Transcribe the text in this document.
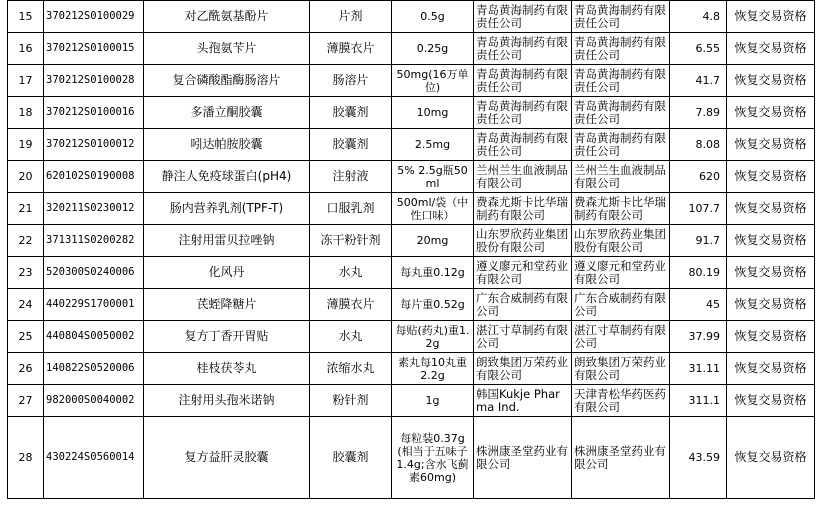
15	370212S0100029	对乙酰氨基酚片	片剂	0.5g	青岛黄海制药有限责任公司	青岛黄海制药有限责任公司	4.8	恢复交易资格
16	370212S0100015	头孢氨苄片	薄膜衣片	0.25g	青岛黄海制药有限责任公司	青岛黄海制药有限责任公司	6.55	恢复交易资格
17	370212S0100028	复合磷酸酯酶肠溶片	肠溶片	50mg(16万单位)	青岛黄海制药有限责任公司	青岛黄海制药有限责任公司	41.7	恢复交易资格
18	370212S0100016	多潘立酮胶囊	胶囊剂	10mg	青岛黄海制药有限责任公司	青岛黄海制药有限责任公司	7.89	恢复交易资格
19	370212S0100012	吲达帕胺胶囊	胶囊剂	2.5mg	青岛黄海制药有限责任公司	青岛黄海制药有限责任公司	8.08	恢复交易资格
20	620102S0190008	静注人免疫球蛋白(pH4)	注射液	5% 2.5g瓶50ml	兰州兰生血液制品有限公司	兰州兰生血液制品有限公司	620	恢复交易资格
21	320211S0230012	肠内营养乳剂(TPF-T)	口服乳剂	500ml/袋（中性口味）	费森尤斯卡比华瑞制药有限公司	费森尤斯卡比华瑞制药有限公司	107.7	恢复交易资格
22	371311S0200282	注射用雷贝拉唑钠	冻干粉针剂	20mg	山东罗欣药业集团股份有限公司	山东罗欣药业集团股份有限公司	91.7	恢复交易资格
23	520300S0240006	化风丹	水丸	每丸重0.12g	遵义廖元和堂药业有限公司	遵义廖元和堂药业有限公司	80.19	恢复交易资格
24	440229S1700001	芪蛭降糖片	薄膜衣片	每片重0.52g	广东合威制药有限公司	广东合威制药有限公司	45	恢复交易资格
25	440804S0050002	复方丁香开胃贴	水丸	每贴(药丸)重1.2g	湛江寸草制药有限公司	湛江寸草制药有限公司	37.99	恢复交易资格
26	140822S0520006	桂枝茯苓丸	浓缩水丸	素丸每10丸重2.2g	朗致集团万荣药业有限公司	朗致集团万荣药业有限公司	31.11	恢复交易资格
27	982000S0040002	注射用头孢米诺钠	粉针剂	1g	韩国Kukje Pharma Ind.	天津青松华药医药有限公司	311.1	恢复交易资格
28	430224S0560014	复方益肝灵胶囊	胶囊剂	每粒装0.37g(相当于五味子1.4g;含水飞蓟素60mg)	株洲康圣堂药业有限公司	株洲康圣堂药业有限公司	43.59	恢复交易资格
